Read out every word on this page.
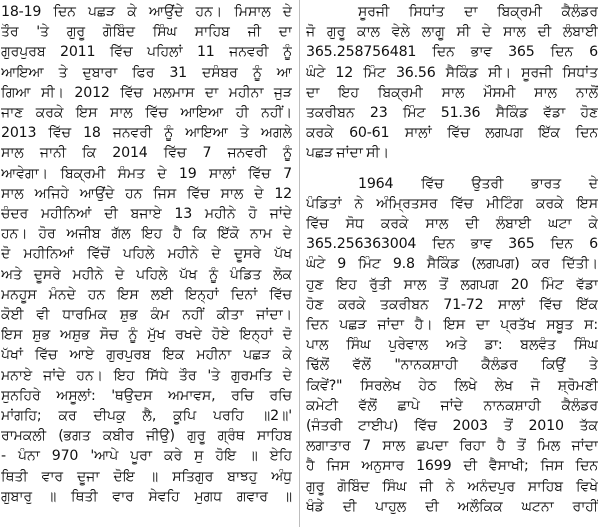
18-19 ਦਿਨ ਪਛੜ ਕੇ ਆਉਂਦੇ ਹਨ। ਮਿਸਾਲ ਦੇ
ਤੌਰ 'ਤੇ ਗੁਰੂ ਗੋਬਿੰਦ ਸਿੰਘ ਸਾਹਿਬ ਜੀ ਦਾ
ਗੁਰਪੁਰਬ 2011 ਵਿੱਚ ਪਹਿਲਾਂ 11 ਜਨਵਰੀ ਨੂੰ
ਆਇਆ ਤੇ ਦੁਬਾਰਾ ਫਿਰ 31 ਦਸੰਬਰ ਨੂੰ ਆ
ਗਿਆ ਸੀ। 2012 ਵਿੱਚ ਮਲਮਾਸ ਦਾ ਮਹੀਨਾ ਜੁੜ
ਜਾਣ ਕਰਕੇ ਇਸ ਸਾਲ ਵਿੱਚ ਆਇਆ ਹੀ ਨਹੀਂ।
2013 ਵਿੱਚ 18 ਜਨਵਰੀ ਨੂੰ ਆਇਆ ਤੇ ਅਗਲੇ
ਸਾਲ ਜਾਨੀ ਕਿ 2014 ਵਿੱਚ 7 ਜਨਵਰੀ ਨੂੰ
ਆਵੇਗਾ। ਬਿਕ੍ਰਮੀ ਸੰਮਤ ਦੇ 19 ਸਾਲਾਂ ਵਿੱਚ 7
ਸਾਲ ਅਜਿਹੇ ਆਉਂਦੇ ਹਨ ਜਿਸ ਵਿੱਚ ਸਾਲ ਦੇ 12
ਚੰਦਰ ਮਹੀਨਿਆਂ ਦੀ ਬਜਾਏ 13 ਮਹੀਨੇ ਹੋ ਜਾਂਦੇ
ਹਨ। ਹੋਰ ਅਜੀਬ ਗੱਲ ਇਹ ਹੈ ਕਿ ਇੱਕੋ ਨਾਮ ਦੇ
ਦੋ ਮਹੀਨਿਆਂ ਵਿੱਚੋਂ ਪਹਿਲੇ ਮਹੀਨੇ ਦੇ ਦੂਸਰੇ ਪੱਖ
ਅਤੇ ਦੂਸਰੇ ਮਹੀਨੇ ਦੇ ਪਹਿਲੇ ਪੱਖ ਨੂੰ ਪੰਡਿਤ ਲੋਕ
ਮਨਹੂਸ ਮੰਨਦੇ ਹਨ ਇਸ ਲਈ ਇਨ੍ਹਾਂ ਦਿਨਾਂ ਵਿੱਚ
ਕੋਈ ਵੀ ਧਾਰਮਿਕ ਸ਼ੁਭ ਕੰਮ ਨਹੀਂ ਕੀਤਾ ਜਾਂਦਾ।
ਇਸ ਸ਼ੁਭ ਅਸ਼ੁਭ ਸੋਚ ਨੂੰ ਮੁੱਖ ਰਖਦੇ ਹੋਏ ਇਨ੍ਹਾਂ ਦੋ
ਪੱਖਾਂ ਵਿੱਚ ਆਏ ਗੁਰਪੁਰਬ ਇਕ ਮਹੀਨਾ ਪਛੜ ਕੇ
ਮਨਾਏ ਜਾਂਦੇ ਹਨ। ਇਹ ਸਿੱਧੇ ਤੌਰ 'ਤੇ ਗੁਰਮਤਿ ਦੇ
ਸੁਨਹਿਰੇ ਅਸੂਲਾਂ: 'ਥਉਦਸ ਅਮਾਵਸ, ਰਚਿ ਰਚਿ
ਮਾਂਗਹਿ; ਕਰ ਦੀਪਕੁ ਲੈ, ਕੂਪਿ ਪਰਹਿ ॥2॥'
ਰਾਮਕਲੀ (ਭਗਤ ਕਬੀਰ ਜੀਉ) ਗੁਰੂ ਗ੍ਰੰਥ ਸਾਹਿਬ
- ਪੰਨਾ 970 'ਆਪੇ ਪੂਰਾ ਕਰੇ ਸੁ ਹੋਇ ॥ ਏਹਿ
ਥਿਤੀ ਵਾਰ ਦੂਜਾ ਦੋਇ ॥ ਸਤਿਗੁਰ ਬਾਝਹੁ ਅੰਧੁ
ਗੁਬਾਰੁ ॥ ਥਿਤੀ ਵਾਰ ਸੇਵਹਿ ਮੁਗਧ ਗਵਾਰ ॥
ਸੂਰਜੀ ਸਿਧਾਂਤ ਦਾ ਬਿਕ੍ਰਮੀ ਕੈਲੰਡਰ
ਜੋ ਗੁਰੂ ਕਾਲ ਵੇਲੇ ਲਾਗੂ ਸੀ ਦੇ ਸਾਲ ਦੀ ਲੰਬਾਈ
365.258756481 ਦਿਨ ਭਾਵ 365 ਦਿਨ 6
ਘੰਟੇ 12 ਮਿੰਟ 36.56 ਸੈਕਿੰਡ ਸੀ। ਸੂਰਜੀ ਸਿਧਾਂਤ
ਦਾ ਇਹ ਬਿਕ੍ਰਮੀ ਸਾਲ ਮੌਸਮੀ ਸਾਲ ਨਾਲੋਂ
ਤਕਰੀਬਨ 23 ਮਿੰਟ 51.36 ਸੈਕਿੰਡ ਵੱਡਾ ਹੋਣ
ਕਰਕੇ 60-61 ਸਾਲਾਂ ਵਿੱਚ ਲਗਪਗ ਇੱਕ ਦਿਨ
ਪਛੜ ਜਾਂਦਾ ਸੀ।
1964 ਵਿੱਚ ਉਤਰੀ ਭਾਰਤ ਦੇ
ਪੰਡਿਤਾਂ ਨੇ ਅੰਮ੍ਰਿਤਸਰ ਵਿੱਚ ਮੀਟਿੰਗ ਕਰਕੇ ਇਸ
ਵਿੱਚ ਸੋਧ ਕਰਕੇ ਸਾਲ ਦੀ ਲੰਬਾਈ ਘਟਾ ਕੇ
365.256363004 ਦਿਨ ਭਾਵ 365 ਦਿਨ 6
ਘੰਟੇ 9 ਮਿੰਟ 9.8 ਸੈਕਿੰਡ (ਲਗਪਗ) ਕਰ ਦਿੱਤੀ।
ਹੁਣ ਇਹ ਰੁੱਤੀ ਸਾਲ ਤੋਂ ਲਗਪਗ 20 ਮਿੰਟ ਵੱਡਾ
ਹੋਣ ਕਰਕੇ ਤਕਰੀਬਨ 71-72 ਸਾਲਾਂ ਵਿੱਚ ਇੱਕ
ਦਿਨ ਪਛੜ ਜਾਂਦਾ ਹੈ। ਇਸ ਦਾ ਪ੍ਰਤੱਖ ਸਬੂਤ ਸ:
ਪਾਲ ਸਿੰਘ ਪੁਰੇਵਾਲ ਅਤੇ ਡਾ: ਬਲਵੰਤ ਸਿੰਘ
ਢਿੱਲੋਂ ਵੱਲੋਂ "ਨਾਨਕਸ਼ਾਹੀ ਕੈਲੰਡਰ ਕਿਉਂ ਤੇ
ਕਿਵੇਂ?" ਸਿਰਲੇਖ ਹੇਠ ਲਿਖੇ ਲੇਖ ਜੋ ਸ਼੍ਰੋਮਣੀ
ਕਮੇਟੀ ਵੱਲੋਂ ਛਾਪੇ ਜਾਂਦੇ ਨਾਨਕਸ਼ਾਹੀ ਕੈਲੰਡਰ
(ਜੰਤਰੀ ਟਾਈਪ) ਵਿੱਚ 2003 ਤੋਂ 2010 ਤੱਕ
ਲਗਾਤਾਰ 7 ਸਾਲ ਛਪਦਾ ਰਿਹਾ ਹੈ ਤੋਂ ਮਿਲ ਜਾਂਦਾ
ਹੈ ਜਿਸ ਅਨੁਸਾਰ 1699 ਦੀ ਵੈਸਾਖੀ; ਜਿਸ ਦਿਨ
ਗੁਰੂ ਗੋਬਿੰਦ ਸਿੰਘ ਜੀ ਨੇ ਅਨੰਦਪੁਰ ਸਾਹਿਬ ਵਿਖੇ
ਖੰਡੇ ਦੀ ਪਾਹੁਲ ਦੀ ਅਲੌਕਿਕ ਘਟਨਾ ਰਾਹੀਂ
